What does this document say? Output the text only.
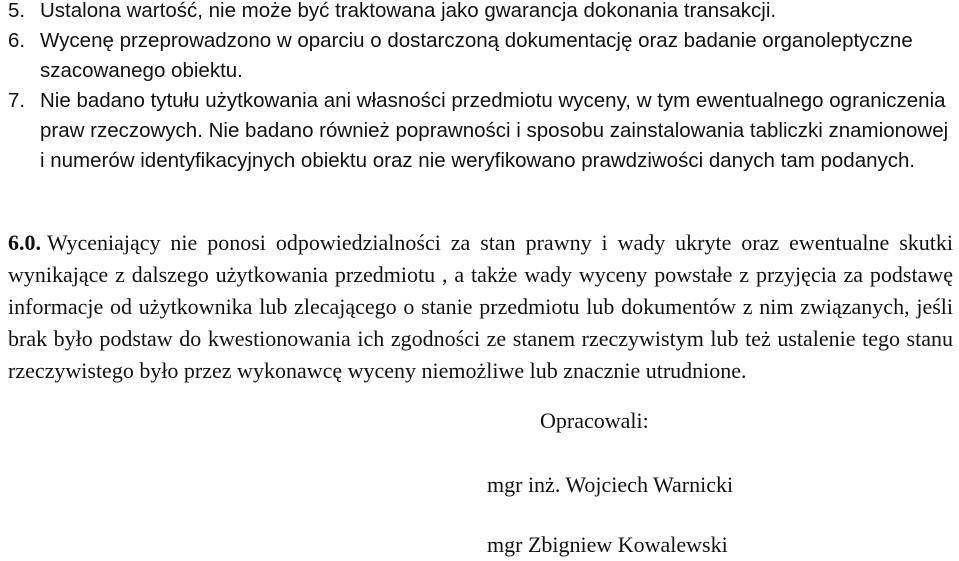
5. Ustalona wartość, nie może być traktowana jako gwarancja dokonania transakcji.
6. Wycenę przeprowadzono w oparciu o dostarczoną dokumentację oraz badanie organoleptyczne szacowanego obiektu.
7. Nie badano tytułu użytkowania ani własności przedmiotu wyceny, w tym ewentualnego ograniczenia praw rzeczowych. Nie badano również poprawności i sposobu zainstalowania tabliczki znamionowej i numerów identyfikacyjnych obiektu oraz nie weryfikowano prawdziwości danych tam podanych.

6.0. Wyceniający nie ponosi odpowiedzialności za stan prawny i wady ukryte oraz ewentualne skutki wynikające z dalszego użytkowania przedmiotu , a także wady wyceny powstałe z przyjęcia za podstawę informacje od użytkownika lub zlecającego o stanie przedmiotu lub dokumentów z nim związanych, jeśli brak było podstaw do kwestionowania ich zgodności ze stanem rzeczywistym lub też ustalenie tego stanu rzeczywistego było przez wykonawcę wyceny niemożliwe lub znacznie utrudnione.

Opracowali:
mgr inż. Wojciech Warnicki
mgr Zbigniew Kowalewski
